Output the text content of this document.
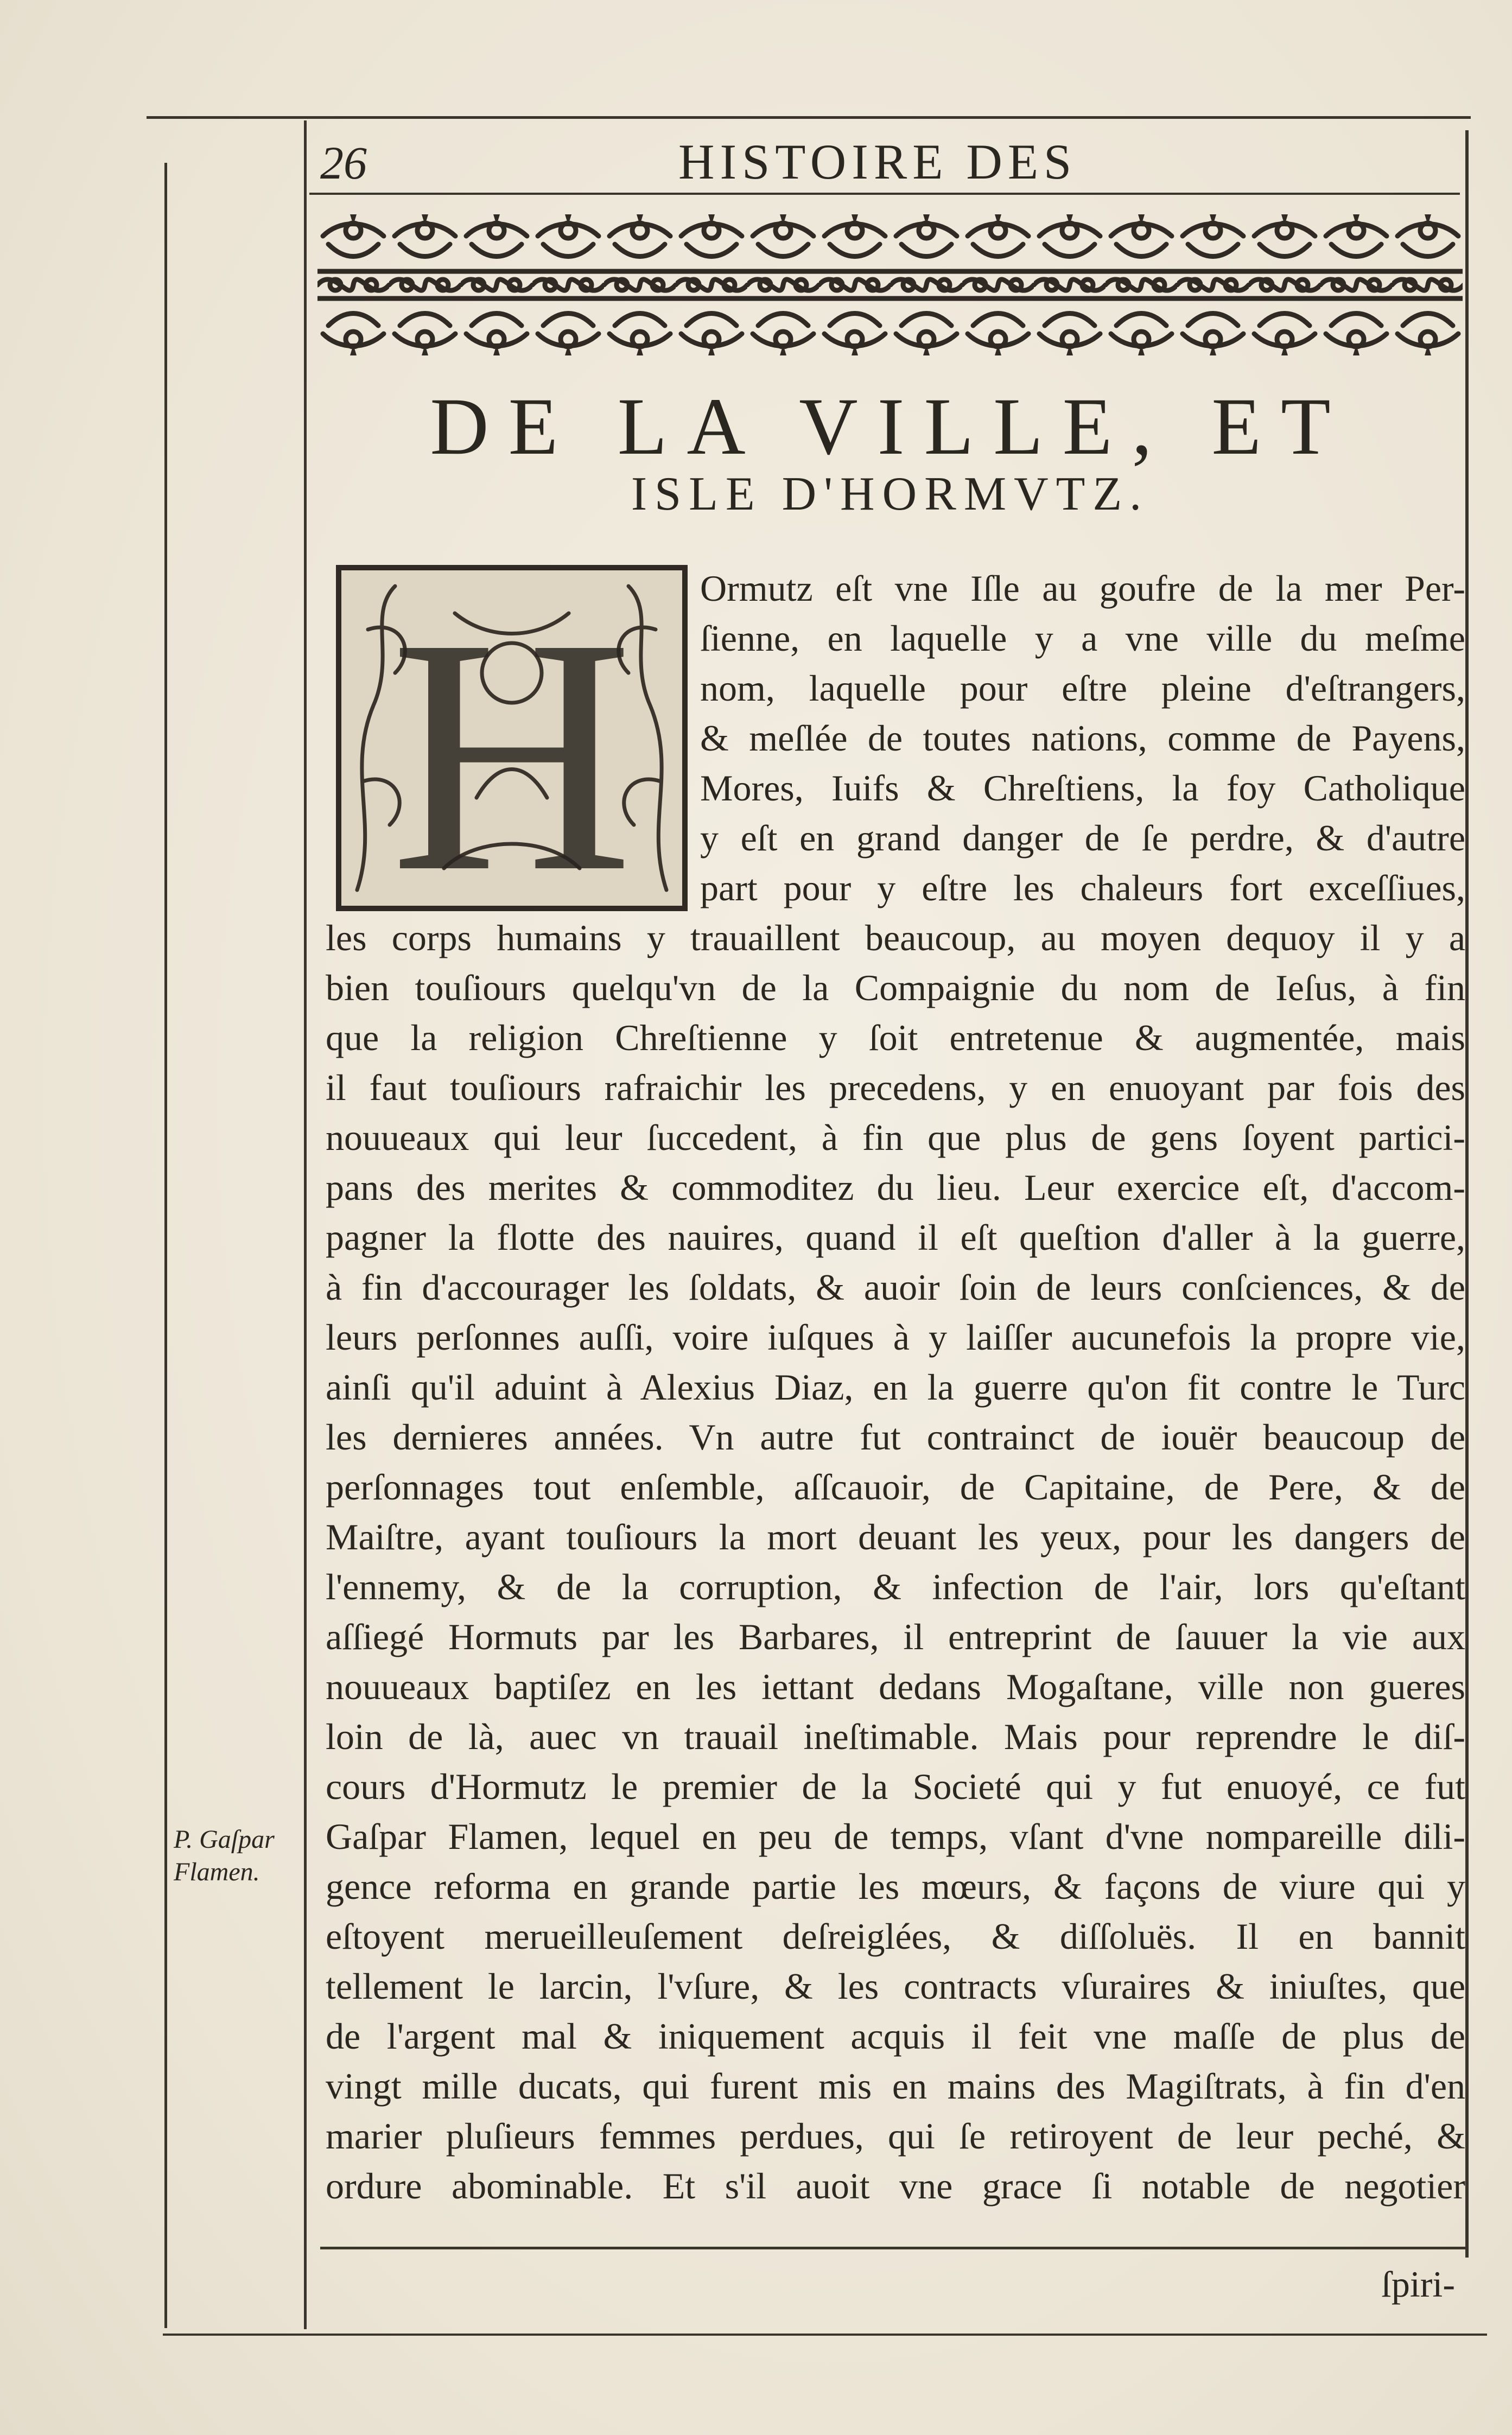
26	HISTOIRE DES
DE LA VILLE, ET
ISLE D'HORMVTZ.
H Ormutz eſt vne Iſle au goufre de la mer Per-
ſienne, en laquelle y a vne ville du meſme
nom, laquelle pour eſtre pleine d'eſtrangers,
& meſlée de toutes nations, comme de Payens,
Mores, Iuifs & Chreſtiens, la foy Catholique
y eſt en grand danger de ſe perdre, & d'autre
part pour y eſtre les chaleurs fort exceſſiues,
les corps humains y trauaillent beaucoup, au moyen dequoy il y a
bien touſiours quelqu'vn de la Compaignie du nom de Ieſus, à fin
que la religion Chreſtienne y ſoit entretenue & augmentée, mais
il faut touſiours rafraichir les precedens, y en enuoyant par fois des
nouueaux qui leur ſuccedent, à fin que plus de gens ſoyent partici-
pans des merites & commoditez du lieu. Leur exercice eſt, d'accom-
pagner la flotte des nauires, quand il eſt queſtion d'aller à la guerre,
à fin d'accourager les ſoldats, & auoir ſoin de leurs conſciences, & de
leurs perſonnes auſſi, voire iuſques à y laiſſer aucunefois la propre vie,
ainſi qu'il aduint à Alexius Diaz, en la guerre qu'on fit contre le Turc
les dernieres années. Vn autre fut contrainct de iouër beaucoup de
perſonnages tout enſemble, aſſcauoir, de Capitaine, de Pere, & de
Maiſtre, ayant touſiours la mort deuant les yeux, pour les dangers de
l'ennemy, & de la corruption, & infection de l'air, lors qu'eſtant
aſſiegé Hormuts par les Barbares, il entreprint de ſauuer la vie aux
nouueaux baptiſez en les iettant dedans Mogaſtane, ville non gueres
loin de là, auec vn trauail ineſtimable. Mais pour reprendre le diſ-
cours d'Hormutz le premier de la Societé qui y fut enuoyé, ce fut
Gaſpar Flamen, lequel en peu de temps, vſant d'vne nompareille dili-
gence reforma en grande partie les mœurs, & façons de viure qui y
eſtoyent merueilleuſement deſreiglées, & diſſoluës. Il en bannit
tellement le larcin, l'vſure, & les contracts vſuraires & iniuſtes, que
de l'argent mal & iniquement acquis il feit vne maſſe de plus de
vingt mille ducats, qui furent mis en mains des Magiſtrats, à fin d'en
marier pluſieurs femmes perdues, qui ſe retiroyent de leur peché, &
ordure abominable. Et s'il auoit vne grace ſi notable de negotier
P. Gaſpar
Flamen.
ſpiri-
